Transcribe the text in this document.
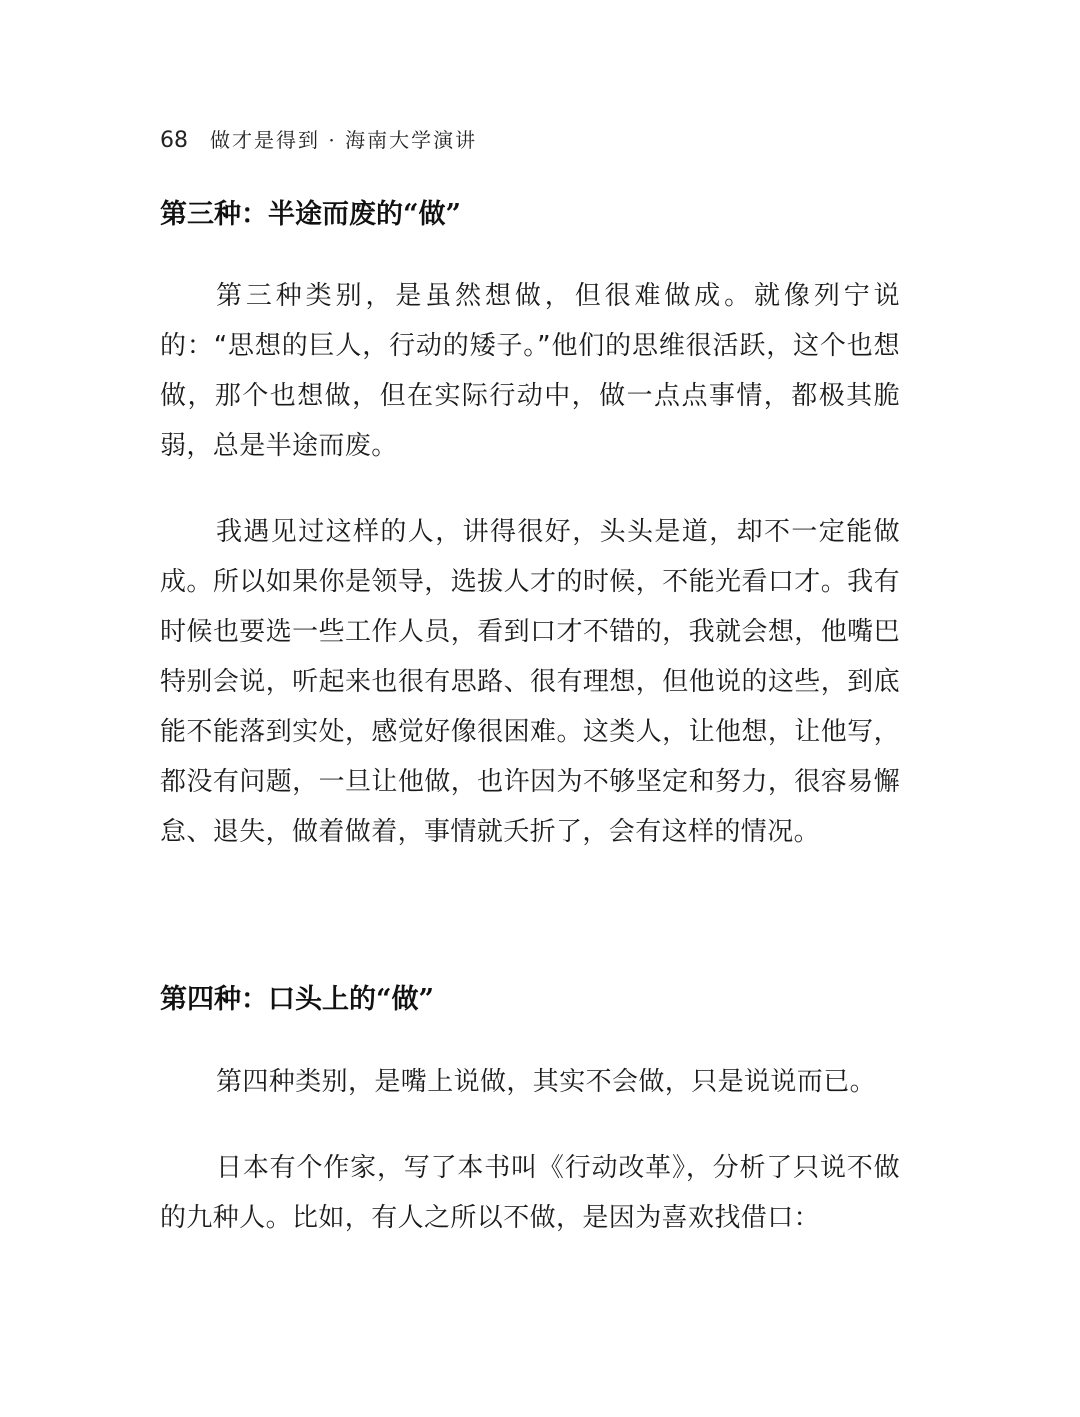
68 做才是得到 · 海南大学演讲
第三种：半途而废的“做”

第三种类别，是虽然想做，但很难做成。就像列宁说的：“思想的巨人，行动的矮子。”他们的思维很活跃，这个也想做，那个也想做，但在实际行动中，做一点点事情，都极其脆弱，总是半途而废。

我遇见过这样的人，讲得很好，头头是道，却不一定能做成。所以如果你是领导，选拔人才的时候，不能光看口才。我有时候也要选一些工作人员，看到口才不错的，我就会想，他嘴巴特别会说，听起来也很有思路、很有理想，但他说的这些，到底能不能落到实处，感觉好像很困难。这类人，让他想，让他写，都没有问题，一旦让他做，也许因为不够坚定和努力，很容易懈怠、退失，做着做着，事情就夭折了，会有这样的情况。

第四种：口头上的“做”

第四种类别，是嘴上说做，其实不会做，只是说说而已。

日本有个作家，写了本书叫《行动改革》，分析了只说不做的九种人。比如，有人之所以不做，是因为喜欢找借口：
